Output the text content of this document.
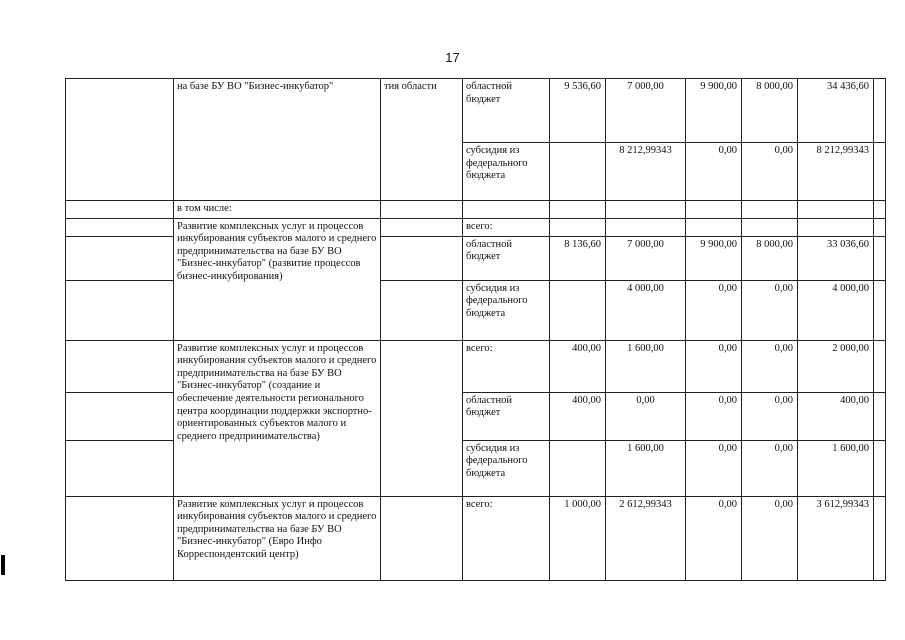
17
	на базе БУ ВО "Бизнес-инкубатор"	тия области	областной бюджет	9 536,60	7 000,00	9 900,00	8 000,00	34 436,60	
			субсидия из федерального бюджета		8 212,99343	0,00	0,00	8 212,99343	
	в том числе:								
	Развитие комплексных услуг и процессов инкубирования субъектов малого и среднего предпринимательства на базе БУ ВО "Бизнес-инкубатор" (развитие процессов бизнес-инкубирования)		всего:						
			областной бюджет	8 136,60	7 000,00	9 900,00	8 000,00	33 036,60	
			субсидия из федерального бюджета		4 000,00	0,00	0,00	4 000,00	
	Развитие комплексных услуг и процессов инкубирования субъектов малого и среднего предпринимательства на базе БУ ВО "Бизнес-инкубатор" (создание и обеспечение деятельности регионального центра координации поддержки экспортно-ориентированных субъектов малого и среднего предпринимательства)		всего:	400,00	1 600,00	0,00	0,00	2 000,00	
			областной бюджет	400,00	0,00	0,00	0,00	400,00	
			субсидия из федерального бюджета		1 600,00	0,00	0,00	1 600,00	
	Развитие комплексных услуг и процессов инкубирования субъектов малого и среднего предпринимательства на базе БУ ВО "Бизнес-инкубатор" (Евро Инфо Корреспондентский центр)		всего:	1 000,00	2 612,99343	0,00	0,00	3 612,99343	
